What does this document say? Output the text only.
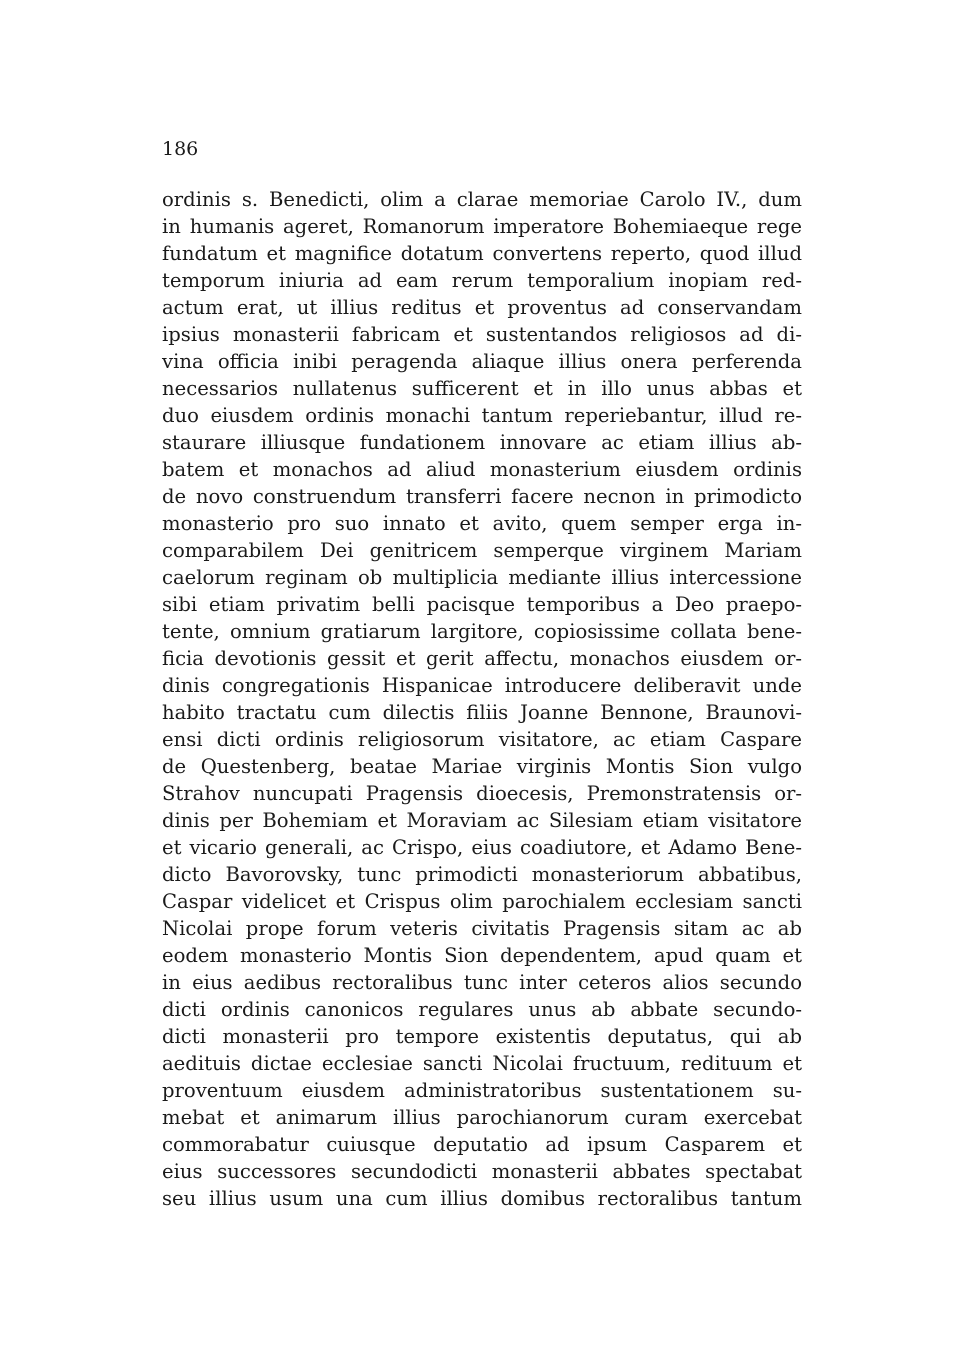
186
ordinis s. Benedicti, olim a clarae memoriae Carolo IV., dum
in humanis ageret, Romanorum imperatore Bohemiaeque rege
fundatum et magnifice dotatum convertens reperto, quod illud
temporum iniuria ad eam rerum temporalium inopiam red-
actum erat, ut illius reditus et proventus ad conservandam
ipsius monasterii fabricam et sustentandos religiosos ad di-
vina officia inibi peragenda aliaque illius onera perferenda
necessarios nullatenus sufficerent et in illo unus abbas et
duo eiusdem ordinis monachi tantum reperiebantur, illud re-
staurare illiusque fundationem innovare ac etiam illius ab-
batem et monachos ad aliud monasterium eiusdem ordinis
de novo construendum transferri facere necnon in primodicto
monasterio pro suo innato et avito, quem semper erga in-
comparabilem Dei genitricem semperque virginem Mariam
caelorum reginam ob multiplicia mediante illius intercessione
sibi etiam privatim belli pacisque temporibus a Deo praepo-
tente, omnium gratiarum largitore, copiosissime collata bene-
ficia devotionis gessit et gerit affectu, monachos eiusdem or-
dinis congregationis Hispanicae introducere deliberavit unde
habito tractatu cum dilectis filiis Joanne Bennone, Braunovi-
ensi dicti ordinis religiosorum visitatore, ac etiam Caspare
de Questenberg, beatae Mariae virginis Montis Sion vulgo
Strahov nuncupati Pragensis dioecesis, Premonstratensis or-
dinis per Bohemiam et Moraviam ac Silesiam etiam visitatore
et vicario generali, ac Crispo, eius coadiutore, et Adamo Bene-
dicto Bavorovsky, tunc primodicti monasteriorum abbatibus,
Caspar videlicet et Crispus olim parochialem ecclesiam sancti
Nicolai prope forum veteris civitatis Pragensis sitam ac ab
eodem monasterio Montis Sion dependentem, apud quam et
in eius aedibus rectoralibus tunc inter ceteros alios secundo
dicti ordinis canonicos regulares unus ab abbate secundo-
dicti monasterii pro tempore existentis deputatus, qui ab
aedituis dictae ecclesiae sancti Nicolai fructuum, redituum et
proventuum eiusdem administratoribus sustentationem su-
mebat et animarum illius parochianorum curam exercebat
commorabatur cuiusque deputatio ad ipsum Casparem et
eius successores secundodicti monasterii abbates spectabat
seu illius usum una cum illius domibus rectoralibus tantum
